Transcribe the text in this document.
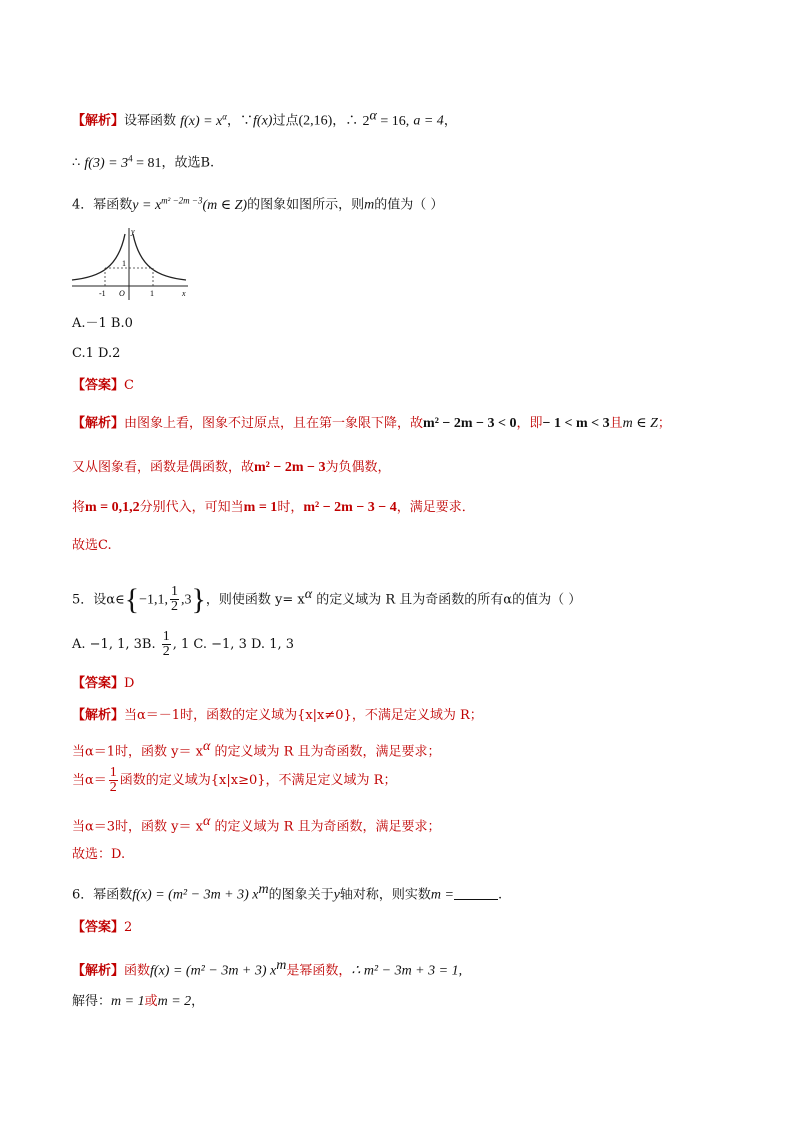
【解析】设幂函数 $f(x) = x^\alpha$，∵f(x)过点(2,16)，∴ $2^\alpha = 16$, a = 4，
∴ $f(3) = 3^4 = 81$，故选B.
4．幂函数$y = x^{m^2 -2m -3}(m$ ∈ Z)的图象如图所示，则m的值为（ ）
y
x
1
-1 O	1
A.－1 B.0
C.1 D.2
【答案】C
【解析】由图象上看，图象不过原点，且在第一象限下降，故m² − 2m − 3 < 0，即− 1 < m < 3且m ∈ Z；
又从图象看，函数是偶函数，故m² − 2m − 3为负偶数，
将m = 0,1,2分别代入，可知当m = 1时，m² − 2m − 3 − 4，满足要求．
故选C.
5．设α∈{−1,1, $\frac{1}{2} ,3$}，则使函数 $y= x^\alpha$ 的定义域为 R 且为奇函数的所有α的值为（ ）
A. −1, 1, 3B. $\frac{1}{2}$ , 1 C. −1, 3 D. 1, 3
【答案】D
【解析】当α＝－1时，函数的定义域为{x|x≠0}，不满足定义域为 R；
当α＝1时，函数 $y= x^\alpha$ 的定义域为 R 且为奇函数，满足要求；
当$\alpha= \frac{1}{2}$ 函数的定义域为{x|x≥0}，不满足定义域为 R；
当α＝3时，函数 $y= x^\alpha$ 的定义域为 R 且为奇函数，满足要求；
故选：D.
6．幂函数f(x) = (m² − 3m + 3) $x^m$的图象关于y轴对称，则实数m =	.
【答案】2
【解析】函数f(x) = (m² − 3m + 3) $x^m$是幂函数，∴ m² − 3m + 3 = 1,
解得：m = 1或m = 2，
